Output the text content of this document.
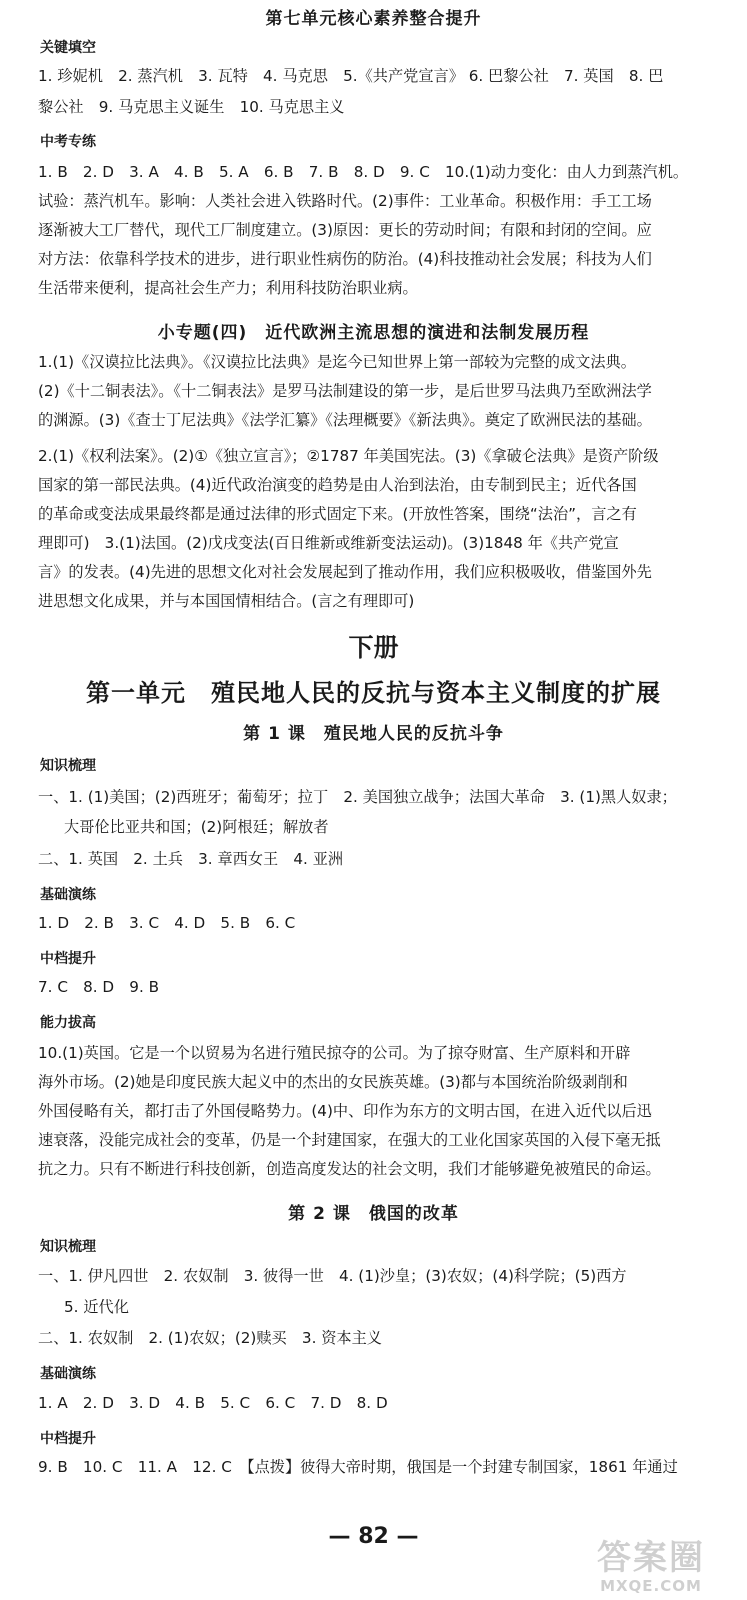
第七单元核心素养整合提升
关键填空
1. 珍妮机　2. 蒸汽机　3. 瓦特　4. 马克思　5.《共产党宣言》 6. 巴黎公社　7. 英国　8. 巴
黎公社　9. 马克思主义诞生　10. 马克思主义
中考专练
1. B　2. D　3. A　4. B　5. A　6. B　7. B　8. D　9. C　10.(1)动力变化：由人力到蒸汽机。
试验：蒸汽机车。影响：人类社会进入铁路时代。(2)事件：工业革命。积极作用：手工工场
逐渐被大工厂替代，现代工厂制度建立。(3)原因：更长的劳动时间；有限和封闭的空间。应
对方法：依靠科学技术的进步，进行职业性病伤的防治。(4)科技推动社会发展；科技为人们
生活带来便利，提高社会生产力；利用科技防治职业病。
小专题(四)　近代欧洲主流思想的演进和法制发展历程
1.(1)《汉谟拉比法典》。《汉谟拉比法典》是迄今已知世界上第一部较为完整的成文法典。
(2)《十二铜表法》。《十二铜表法》是罗马法制建设的第一步，是后世罗马法典乃至欧洲法学
的渊源。(3)《查士丁尼法典》《法学汇纂》《法理概要》《新法典》。奠定了欧洲民法的基础。
2.(1)《权利法案》。(2)①《独立宣言》；②1787 年美国宪法。(3)《拿破仑法典》是资产阶级
国家的第一部民法典。(4)近代政治演变的趋势是由人治到法治，由专制到民主；近代各国
的革命或变法成果最终都是通过法律的形式固定下来。(开放性答案，围绕“法治”，言之有
理即可)　3.(1)法国。(2)戊戌变法(百日维新或维新变法运动)。(3)1848 年《共产党宣
言》的发表。(4)先进的思想文化对社会发展起到了推动作用，我们应积极吸收，借鉴国外先
进思想文化成果，并与本国国情相结合。(言之有理即可)
下册
第一单元　殖民地人民的反抗与资本主义制度的扩展
第 1 课　殖民地人民的反抗斗争
知识梳理
一、1. (1)美国；(2)西班牙；葡萄牙；拉丁　2. 美国独立战争；法国大革命　3. (1)黑人奴隶；
大哥伦比亚共和国；(2)阿根廷；解放者
二、1. 英国　2. 土兵　3. 章西女王　4. 亚洲
基础演练
1. D　2. B　3. C　4. D　5. B　6. C
中档提升
7. C　8. D　9. B
能力拔高
10.(1)英国。它是一个以贸易为名进行殖民掠夺的公司。为了掠夺财富、生产原料和开辟
海外市场。(2)她是印度民族大起义中的杰出的女民族英雄。(3)都与本国统治阶级剥削和
外国侵略有关，都打击了外国侵略势力。(4)中、印作为东方的文明古国，在进入近代以后迅
速衰落，没能完成社会的变革，仍是一个封建国家，在强大的工业化国家英国的入侵下毫无抵
抗之力。只有不断进行科技创新，创造高度发达的社会文明，我们才能够避免被殖民的命运。
第 2 课　俄国的改革
知识梳理
一、1. 伊凡四世　2. 农奴制　3. 彼得一世　4. (1)沙皇；(3)农奴；(4)科学院；(5)西方
5. 近代化
二、1. 农奴制　2. (1)农奴；(2)赎买　3. 资本主义
基础演练
1. A　2. D　3. D　4. B　5. C　6. C　7. D　8. D
中档提升
9. B　10. C　11. A　12. C　【点拨】彼得大帝时期，俄国是一个封建专制国家，1861 年通过
— 82 —
答案圈
MXQE.COM
